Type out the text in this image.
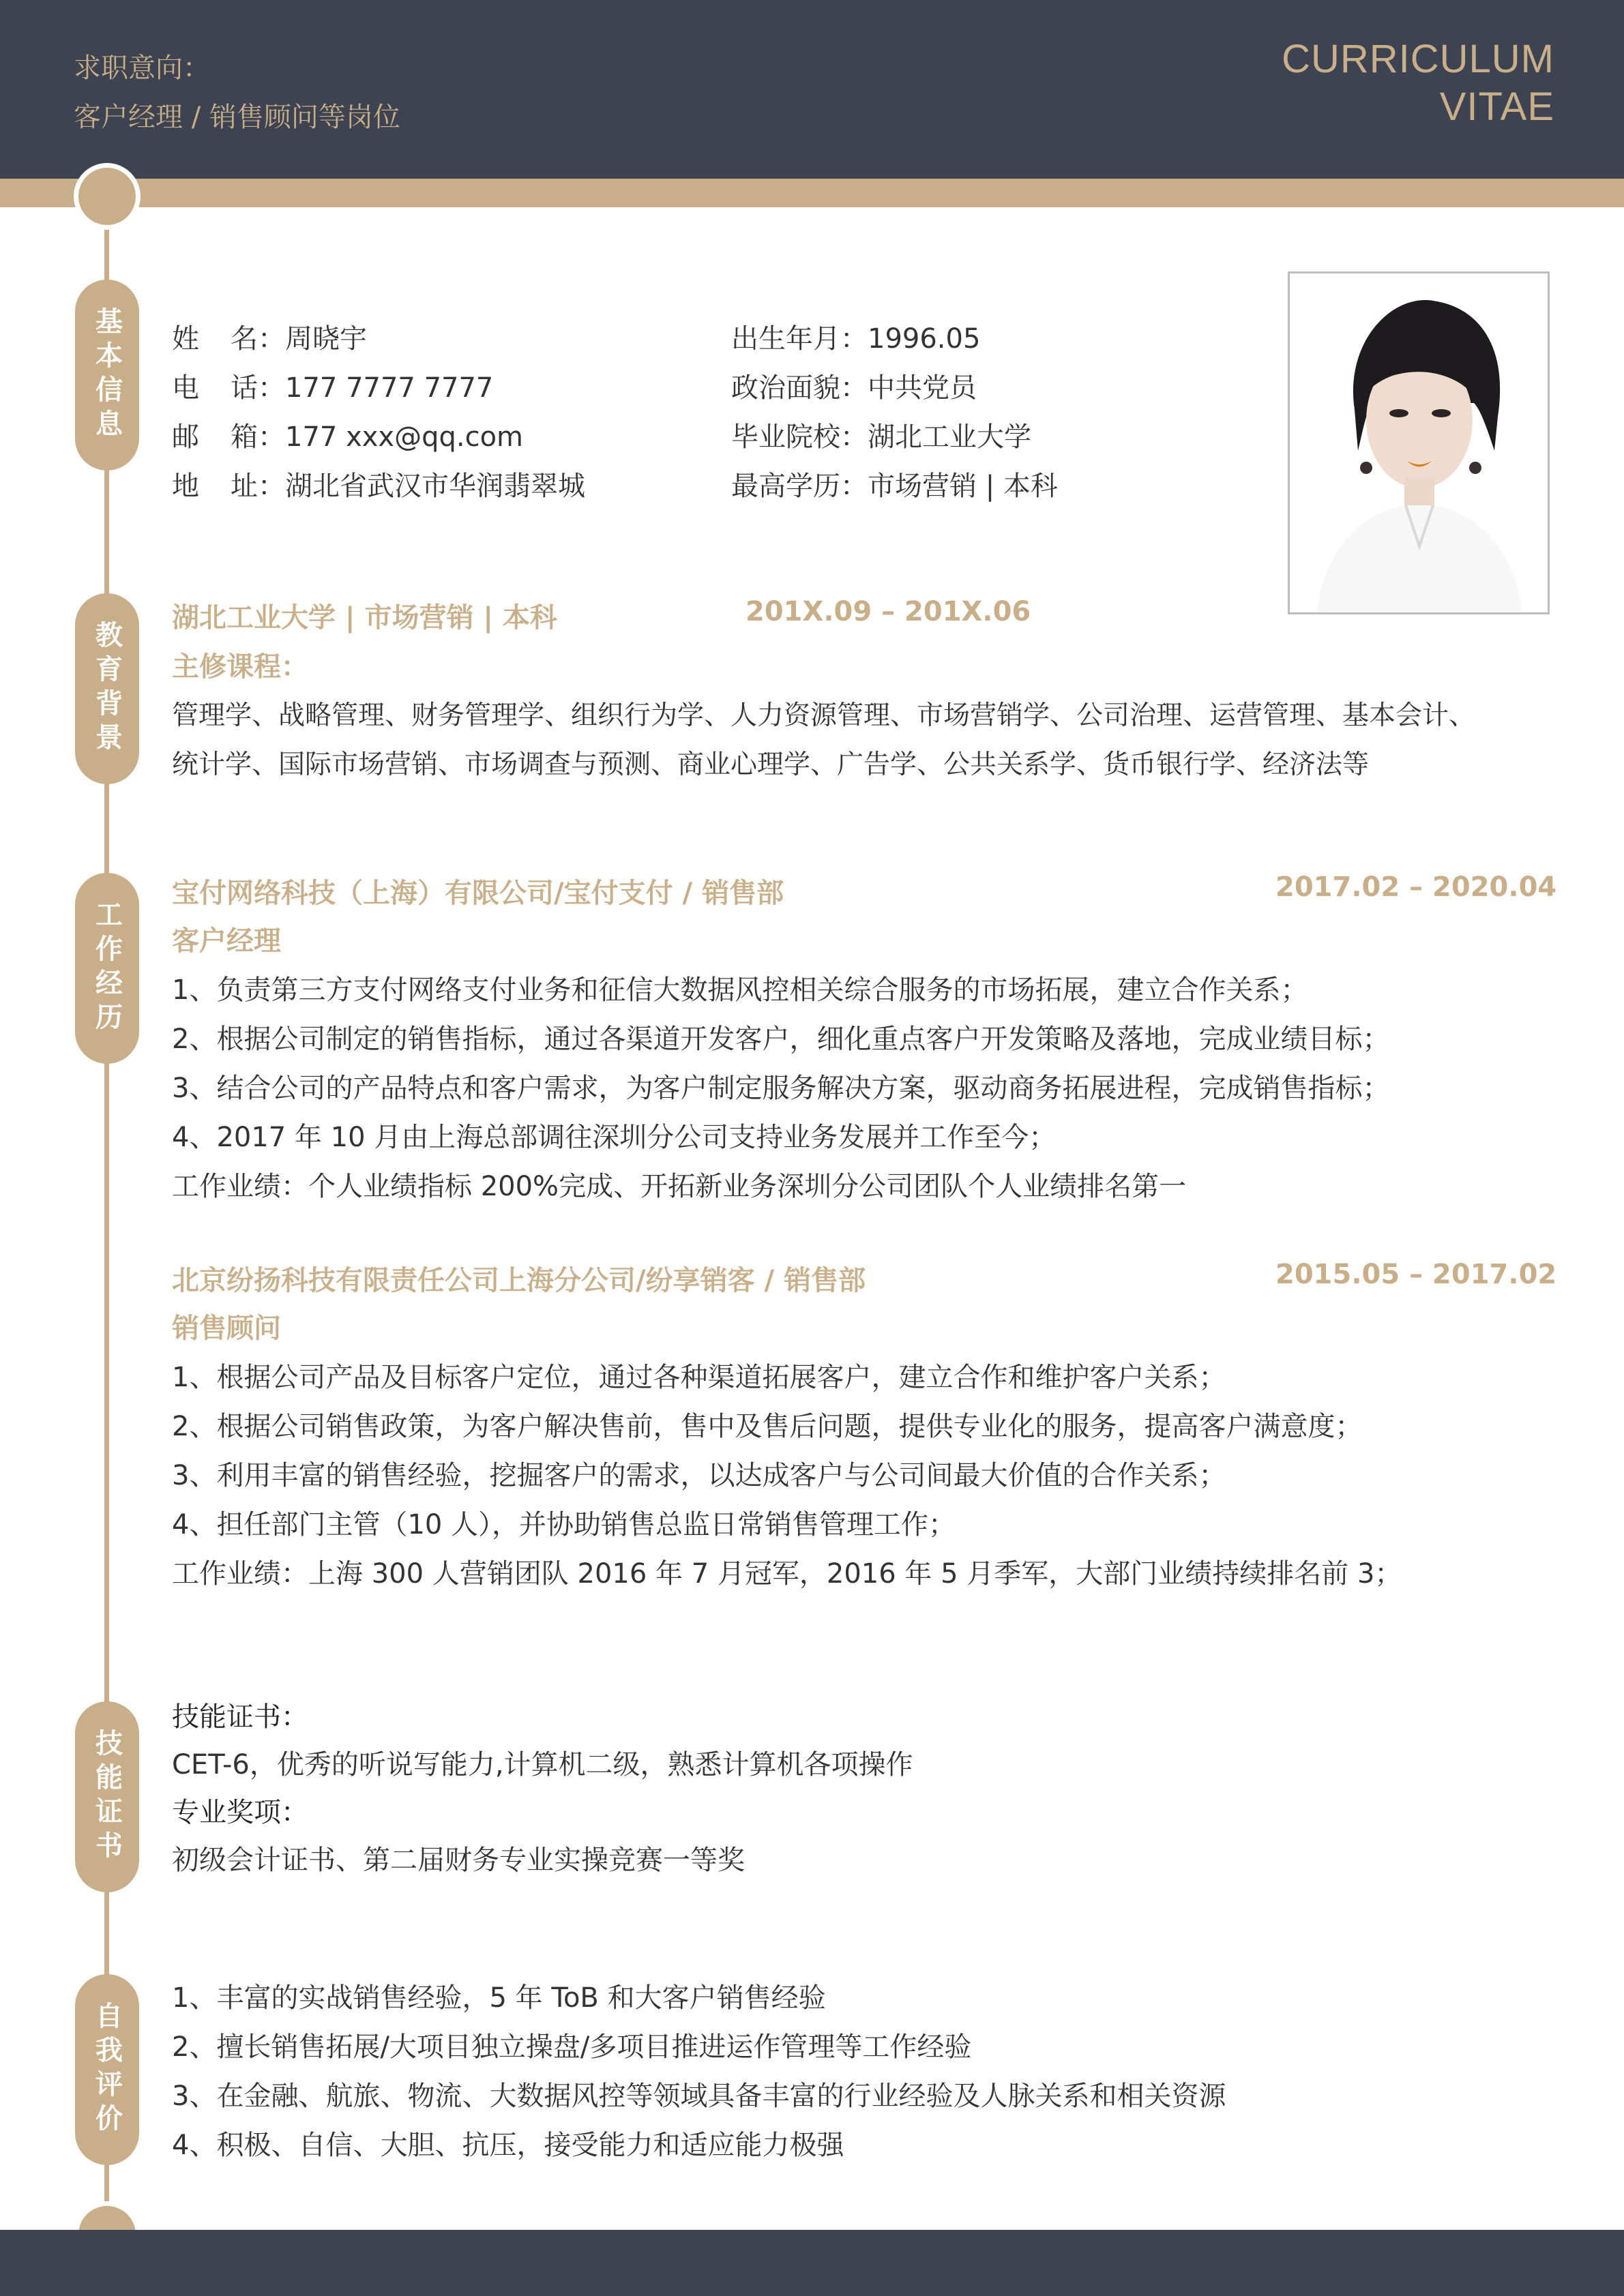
求职意向：
客户经理 / 销售顾问等岗位
CURRICULUM
VITAE
基本信息
教育背景
工作经历
技能证书
自我评价
姓 名 ：周晓宇
电 话 ：177 7777 7777
邮 箱 ：177 xxx@qq.com
地 址 ：湖北省武汉市华润翡翠城
出生年月：1996.05
政治面貌：中共党员
毕业院校：湖北工业大学
最高学历：市场营销 | 本科
湖北工业大学 | 市场营销 | 本科	201X.09 – 201X.06
主修课程：
管理学、战略管理、财务管理学、组织行为学、人力资源管理、市场营销学、公司治理、运营管理、基本会计、
统计学、国际市场营销、市场调查与预测、商业心理学、广告学、公共关系学、货币银行学、经济法等
宝付网络科技（上海）有限公司/宝付支付 / 销售部	2017.02 – 2020.04
客户经理
1、负责第三方支付网络支付业务和征信大数据风控相关综合服务的市场拓展，建立合作关系；
2、根据公司制定的销售指标，通过各渠道开发客户，细化重点客户开发策略及落地，完成业绩目标；
3、结合公司的产品特点和客户需求，为客户制定服务解决方案，驱动商务拓展进程，完成销售指标；
4、2017 年 10 月由上海总部调往深圳分公司支持业务发展并工作至今；
工作业绩：个人业绩指标 200%完成、开拓新业务深圳分公司团队个人业绩排名第一
北京纷扬科技有限责任公司上海分公司/纷享销客 / 销售部	2015.05 – 2017.02
销售顾问
1、根据公司产品及目标客户定位，通过各种渠道拓展客户，建立合作和维护客户关系；
2、根据公司销售政策，为客户解决售前，售中及售后问题，提供专业化的服务，提高客户满意度；
3、利用丰富的销售经验，挖掘客户的需求，以达成客户与公司间最大价值的合作关系；
4、担任部门主管（10 人），并协助销售总监日常销售管理工作；
工作业绩：上海 300 人营销团队 2016 年 7 月冠军，2016 年 5 月季军，大部门业绩持续排名前 3；
技能证书：
CET-6，优秀的听说写能力,计算机二级，熟悉计算机各项操作
专业奖项：
初级会计证书、第二届财务专业实操竞赛一等奖
1、丰富的实战销售经验，5 年 ToB 和大客户销售经验
2、擅长销售拓展/大项目独立操盘/多项目推进运作管理等工作经验
3、在金融、航旅、物流、大数据风控等领域具备丰富的行业经验及人脉关系和相关资源
4、积极、自信、大胆、抗压，接受能力和适应能力极强
